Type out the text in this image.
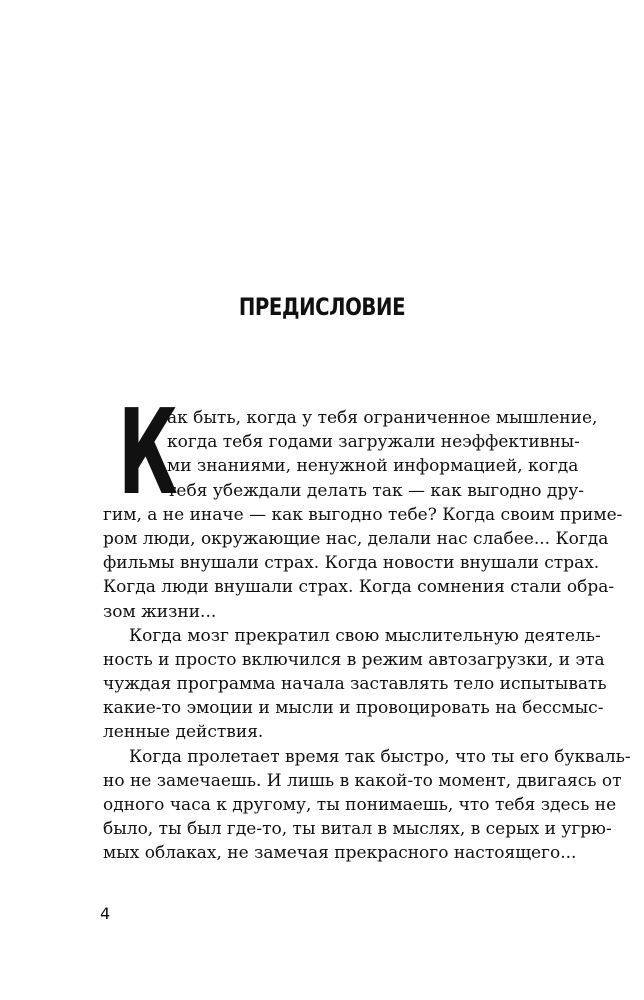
ПРЕДИСЛОВИЕ
К
ак быть, когда у тебя ограниченное мышление,
когда тебя годами загружали неэффективны-
ми знаниями, ненужной информацией, когда
тебя убеждали делать так — как выгодно дру-
гим, а не иначе — как выгодно тебе? Когда своим приме-
ром люди, окружающие нас, делали нас слабее... Когда
фильмы внушали страх. Когда новости внушали страх.
Когда люди внушали страх. Когда сомнения стали обра-
зом жизни...
Когда мозг прекратил свою мыслительную деятель-
ность и просто включился в режим автозагрузки, и эта
чуждая программа начала заставлять тело испытывать
какие-то эмоции и мысли и провоцировать на бессмыс-
ленные действия.
Когда пролетает время так быстро, что ты его букваль-
но не замечаешь. И лишь в какой-то момент, двигаясь от
одного часа к другому, ты понимаешь, что тебя здесь не
было, ты был где-то, ты витал в мыслях, в серых и угрю-
мых облаках, не замечая прекрасного настоящего...
4
